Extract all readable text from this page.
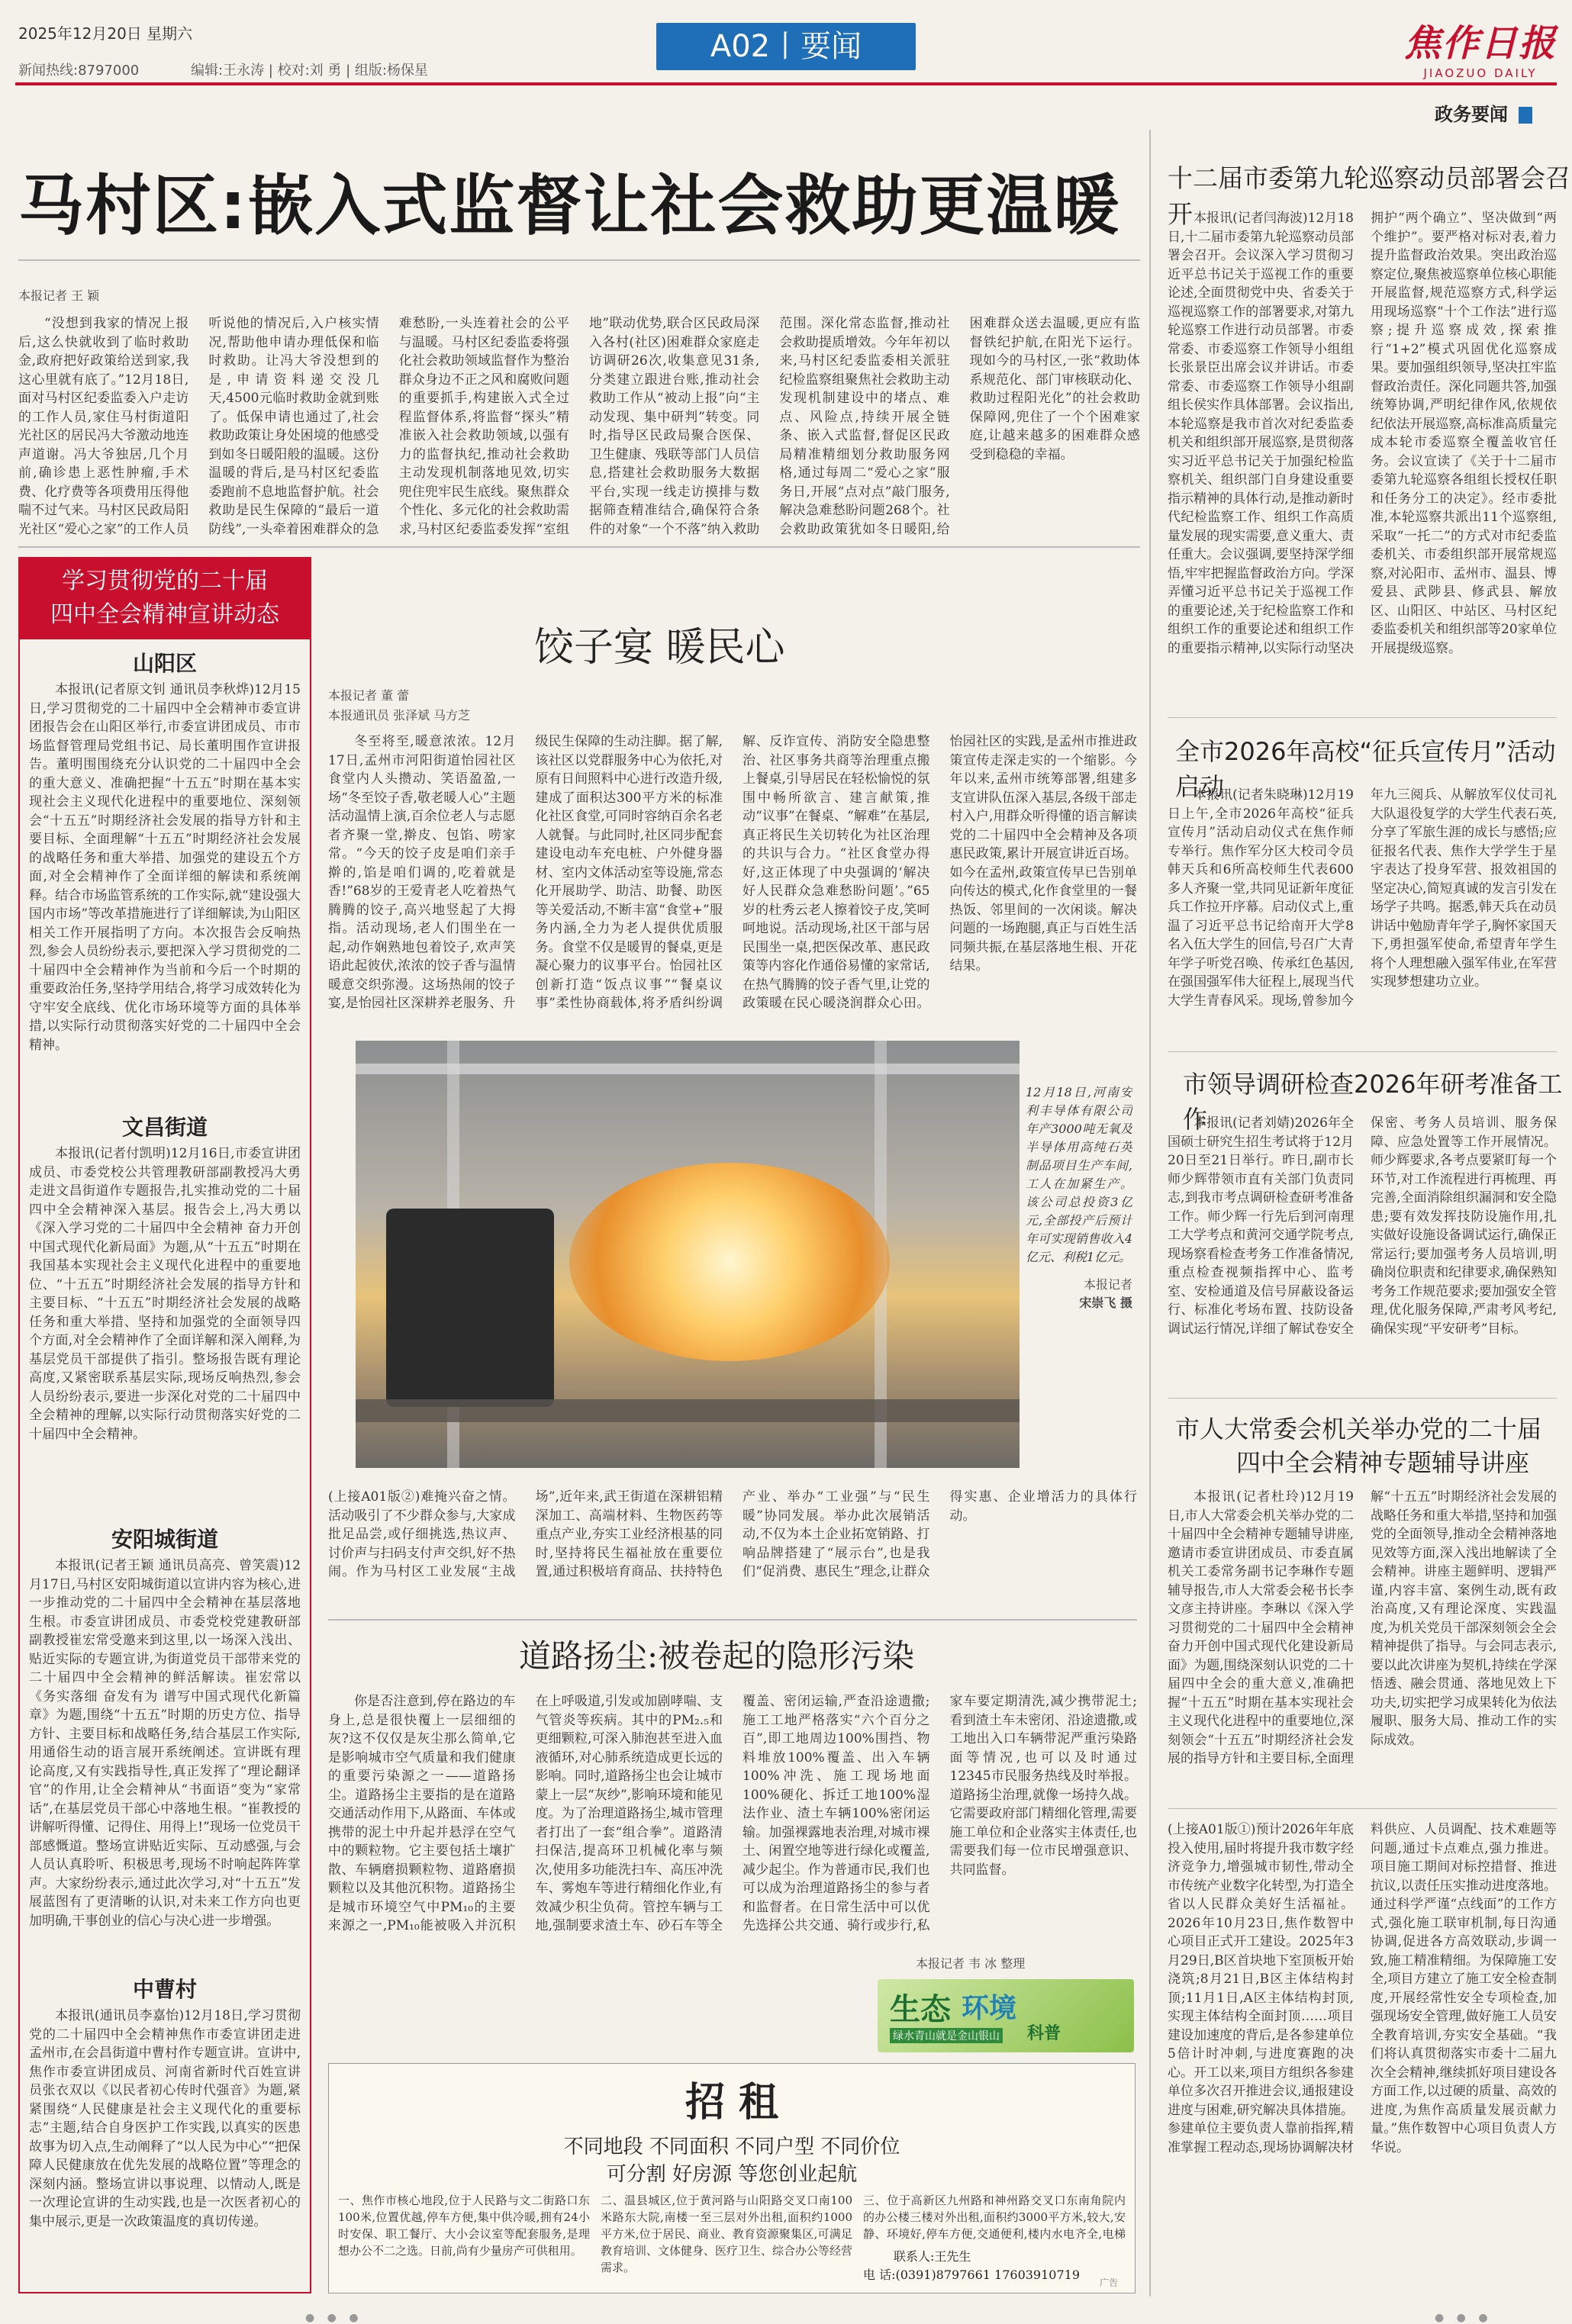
2025年12月20日 星期六
新闻热线:8797000	编辑:王永涛 | 校对:刘 勇 | 组版:杨保星
A02丨要闻	焦作日报
JIAOZUO DAILY
政务要闻
马村区:嵌入式监督让社会救助更温暖
本报记者 王 颖

“没想到我家的情况上报后,这么快就收到了临时救助金,政府把好政策给送到家,我这心里就有底了。”12月18日,面对马村区纪委监委入户走访的工作人员,家住马村街道阳光社区的居民冯大爷激动地连声道谢。冯大爷独居,几个月前,确诊患上恶性肿瘤,手术费、化疗费等各项费用压得他喘不过气来。马村区民政局阳光社区“爱心之家”的工作人员听说他的情况后,入户核实情况,帮助他申请办理低保和临时救助。让冯大爷没想到的是,申请资料递交没几天,4500元临时救助金就到账了。低保申请也通过了,社会救助政策让身处困境的他感受到如冬日暖阳般的温暖。这份温暖的背后,是马村区纪委监委跑前不息地监督护航。社会救助是民生保障的“最后一道防线”,一头牵着困难群众的急难愁盼,一头连着社会的公平与温暖。马村区纪委监委将强化社会救助领域监督作为整治群众身边不正之风和腐败问题的重要抓手,构建嵌入式全过程监督体系,将监督“探头”精准嵌入社会救助领域,以强有力的监督执纪,推动社会救助主动发现机制落地见效,切实兜住兜牢民生底线。聚焦群众个性化、多元化的社会救助需求,马村区纪委监委发挥“室组地”联动优势,联合区民政局深入各村(社区)困难群众家庭走访调研26次,收集意见31条,分类建立跟进台账,推动社会救助工作从“被动上报”向“主动发现、集中研判”转变。同时,指导区民政局聚合医保、卫生健康、残联等部门人员信息,搭建社会救助服务大数据平台,实现一线走访摸排与数据筛查精准结合,确保符合条件的对象“一个不落”纳入救助范围。深化常态监督,推动社会救助提质增效。今年年初以来,马村区纪委监委相关派驻纪检监察组聚焦社会救助主动发现机制建设中的堵点、难点、风险点,持续开展全链条、嵌入式监督,督促区民政局精准精细划分救助服务网格,通过每周二“爱心之家”服务日,开展“点对点”敲门服务,解决急难愁盼问题268个。社会救助政策犹如冬日暖阳,给困难群众送去温暖,更应有监督铁纪护航,在阳光下运行。现如今的马村区,一张“救助体系规范化、部门审核联动化、救助过程阳光化”的社会救助保障网,兜住了一个个困难家庭,让越来越多的困难群众感受到稳稳的幸福。

学习贯彻党的二十届
四中全会精神宣讲动态
山阳区

本报讯(记者原文钊 通讯员李秋烨)12月15日,学习贯彻党的二十届四中全会精神市委宣讲团报告会在山阳区举行,市委宣讲团成员、市市场监督管理局党组书记、局长董明围作宣讲报告。董明围围绕充分认识党的二十届四中全会的重大意义、准确把握“十五五”时期在基本实现社会主义现代化进程中的重要地位、深刻领会“十五五”时期经济社会发展的指导方针和主要目标、全面理解“十五五”时期经济社会发展的战略任务和重大举措、加强党的建设五个方面,对全会精神作了全面详细的解读和系统阐释。结合市场监管系统的工作实际,就“建设强大国内市场”等改革措施进行了详细解读,为山阳区相关工作开展指明了方向。本次报告会反响热烈,参会人员纷纷表示,要把深入学习贯彻党的二十届四中全会精神作为当前和今后一个时期的重要政治任务,坚持学用结合,将学习成效转化为守牢安全底线、优化市场环境等方面的具体举措,以实际行动贯彻落实好党的二十届四中全会精神。

文昌街道

本报讯(记者付凯明)12月16日,市委宣讲团成员、市委党校公共管理教研部副教授冯大勇走进文昌街道作专题报告,扎实推动党的二十届四中全会精神深入基层。报告会上,冯大勇以《深入学习党的二十届四中全会精神 奋力开创中国式现代化新局面》为题,从“十五五”时期在我国基本实现社会主义现代化进程中的重要地位、“十五五”时期经济社会发展的指导方针和主要目标、“十五五”时期经济社会发展的战略任务和重大举措、坚持和加强党的全面领导四个方面,对全会精神作了全面详解和深入阐释,为基层党员干部提供了指引。整场报告既有理论高度,又紧密联系基层实际,现场反响热烈,参会人员纷纷表示,要进一步深化对党的二十届四中全会精神的理解,以实际行动贯彻落实好党的二十届四中全会精神。

安阳城街道

本报讯(记者王颖 通讯员高亮、曾笑震)12月17日,马村区安阳城街道以宣讲内容为核心,进一步推动党的二十届四中全会精神在基层落地生根。市委宣讲团成员、市委党校党建教研部副教授崔宏常受邀来到这里,以一场深入浅出、贴近实际的专题宣讲,为街道党员干部带来党的二十届四中全会精神的鲜活解读。崔宏常以《务实落细 奋发有为 谱写中国式现代化新篇章》为题,围绕“十五五”时期的历史方位、指导方针、主要目标和战略任务,结合基层工作实际,用通俗生动的语言展开系统阐述。宣讲既有理论高度,又有实践指导性,真正发挥了“理论翻译官”的作用,让全会精神从“书面语”变为“家常话”,在基层党员干部心中落地生根。“崔教授的讲解听得懂、记得住、用得上!”现场一位党员干部感慨道。整场宣讲贴近实际、互动感强,与会人员认真聆听、积极思考,现场不时响起阵阵掌声。大家纷纷表示,通过此次学习,对“十五五”发展蓝图有了更清晰的认识,对未来工作方向也更加明确,干事创业的信心与决心进一步增强。

中曹村

本报讯(通讯员李嘉怡)12月18日,学习贯彻党的二十届四中全会精神焦作市委宣讲团走进孟州市,在会昌街道中曹村作专题宣讲。宣讲中,焦作市委宣讲团成员、河南省新时代百姓宣讲员张衣双以《以民者初心传时代强音》为题,紧紧围绕“人民健康是社会主义现代化的重要标志”主题,结合自身医护工作实践,以真实的医患故事为切入点,生动阐释了“以人民为中心”“把保障人民健康放在优先发展的战略位置”等理念的深刻内涵。整场宣讲以事说理、以情动人,既是一次理论宣讲的生动实践,也是一次医者初心的集中展示,更是一次政策温度的真切传递。

饺子宴 暖民心
本报记者 董 蕾
本报通讯员 张泽斌 马方芝

冬至将至,暖意浓浓。12月17日,孟州市河阳街道怡园社区食堂内人头攒动、笑语盈盈,一场“冬至饺子香,敬老暖人心”主题活动温情上演,百余位老人与志愿者齐聚一堂,擀皮、包馅、唠家常。“今天的饺子皮是咱们亲手擀的,馅是咱们调的,吃着就是香!”68岁的王爱青老人吃着热气腾腾的饺子,高兴地竖起了大拇指。活动现场,老人们围坐在一起,动作娴熟地包着饺子,欢声笑语此起彼伏,浓浓的饺子香与温情暖意交织弥漫。这场热闹的饺子宴,是怡园社区深耕养老服务、升级民生保障的生动注脚。据了解,该社区以党群服务中心为依托,对原有日间照料中心进行改造升级,建成了面积达300平方米的标准化社区食堂,可同时容纳百余名老人就餐。与此同时,社区同步配套建设电动车充电桩、户外健身器材、室内文体活动室等设施,常态化开展助学、助洁、助餐、助医等关爱活动,不断丰富“食堂+”服务内涵,全力为老人提供优质服务。食堂不仅是暖胃的餐桌,更是凝心聚力的议事平台。怡园社区创新打造“饭点议事”“餐桌议事”柔性协商载体,将矛盾纠纷调解、反诈宣传、消防安全隐患整治、社区事务共商等治理重点搬上餐桌,引导居民在轻松愉悦的氛围中畅所欲言、建言献策,推动“议事”在餐桌、“解难”在基层,真正将民生关切转化为社区治理的共识与合力。“社区食堂办得好,这正体现了中央强调的‘解决好人民群众急难愁盼问题’。”65岁的杜秀云老人擦着饺子皮,笑呵呵地说。活动现场,社区干部与居民围坐一桌,把医保改革、惠民政策等内容化作通俗易懂的家常话,在热气腾腾的饺子香气里,让党的政策暖在民心暖浇润群众心田。怡园社区的实践,是孟州市推进政策宣传走深走实的一个缩影。今年以来,孟州市统筹部署,组建多支宣讲队伍深入基层,各级干部走村入户,用群众听得懂的语言解读党的二十届四中全会精神及各项惠民政策,累计开展宣讲近百场。如今在孟州,政策宣传早已告别单向传达的模式,化作食堂里的一餐热饭、邻里间的一次闲谈。解决问题的一场跑腿,真正与百姓生活同频共振,在基层落地生根、开花结果。

12月18日,河南安利丰导体有限公司年产3000吨无氧及半导体用高纯石英制品项目生产车间,工人在加紧生产。该公司总投资3亿元,全部投产后预计年可实现销售收入4亿元、利税1亿元。
本报记者
宋崇飞 摄

(上接A01版②)难掩兴奋之情。活动吸引了不少群众参与,大家成批足品尝,或仔细挑选,热议声、讨价声与扫码支付声交织,好不热闹。作为马村区工业发展“主战场”,近年来,武王街道在深耕铝精深加工、高端材料、生物医药等重点产业,夯实工业经济根基的同时,坚持将民生福祉放在重要位置,通过积极培育商品、扶持特色产业、举办“工业强”与“民生暖”协同发展。举办此次展销活动,不仅为本土企业拓宽销路、打响品牌搭建了“展示台”,也是我们“促消费、惠民生”理念,让群众得实惠、企业增活力的具体行动。

道路扬尘:被卷起的隐形污染

你是否注意到,停在路边的车身上,总是很快覆上一层细细的灰?这不仅仅是灰尘那么简单,它是影响城市空气质量和我们健康的重要污染源之一——道路扬尘。道路扬尘主要指的是在道路交通活动作用下,从路面、车体或携带的泥土中升起并悬浮在空气中的颗粒物。它主要包括土壤扩散、车辆磨损颗粒物、道路磨损颗粒以及其他沉积物。道路扬尘是城市环境空气中PM₁₀的主要来源之一,PM₁₀能被吸入并沉积在上呼吸道,引发或加剧哮喘、支气管炎等疾病。其中的PM₂.₅和更细颗粒,可深入肺泡甚至进入血液循环,对心肺系统造成更长远的影响。同时,道路扬尘也会让城市蒙上一层“灰纱”,影响环境和能见度。为了治理道路扬尘,城市管理者打出了一套“组合拳”。道路清扫保洁,提高环卫机械化率与频次,使用多功能洗扫车、高压冲洗车、雾炮车等进行精细化作业,有效减少积尘负荷。管控车辆与工地,强制要求渣土车、砂石车等全覆盖、密闭运输,严查沿途遗撒;施工工地严格落实“六个百分之百”,即工地周边100%围挡、物料堆放100%覆盖、出入车辆100%冲洗、施工现场地面100%硬化、拆迁工地100%湿法作业、渣土车辆100%密闭运输。加强裸露地表治理,对城市裸土、闲置空地等进行绿化或覆盖,减少起尘。作为普通市民,我们也可以成为治理道路扬尘的参与者和监督者。在日常生活中可以优先选择公共交通、骑行或步行,私家车要定期清洗,减少携带泥土;看到渣土车未密闭、沿途遗撒,或工地出入口车辆带泥严重污染路面等情况,也可以及时通过12345市民服务热线及时举报。道路扬尘治理,就像一场持久战。它需要政府部门精细化管理,需要施工单位和企业落实主体责任,也需要我们每一位市民增强意识、共同监督。

本报记者 韦 冰 整理
生态 环境
科普
绿水青山就是金山银山
招 租
不同地段 不同面积 不同户型 不同价位
可分割 好房源 等您创业起航
一、焦作市核心地段,位于人民路与文二街路口东100米,位置优越,停车方便,集中供冷暖,拥有24小时安保、职工餐厅、大小会议室等配套服务,是理想办公不二之选。日前,尚有少量房产可供租用。
二、温县城区,位于黄河路与山阳路交叉口南100米路东大院,南楼一至三层对外出租,面积约1000平方米,位于居民、商业、教育资源聚集区,可满足教育培训、文体健身、医疗卫生、综合办公等经营需求。
三、位于高新区九州路和神州路交叉口东南角院内的办公楼三楼对外出租,面积约3000平方米,较大,安静、环境好,停车方便,交通便利,楼内水电齐全,电梯
联系人:王先生
电 话:(0391)8797661 17603910719
广告
十二届市委第九轮巡察动员部署会召开 本报讯(记者闫海波)12月18日,十二届市委第九轮巡察动员部署会召开。会议深入学习贯彻习近平总书记关于巡视工作的重要论述,全面贯彻党中央、省委关于巡视巡察工作的部署要求,对第九轮巡察工作进行动员部署。市委常委、市委巡察工作领导小组组长张景臣出席会议并讲话。市委常委、市委巡察工作领导小组副组长侯实作具体部署。会议指出,本轮巡察是我市首次对纪委监委机关和组织部开展巡察,是贯彻落实习近平总书记关于加强纪检监察机关、组织部门自身建设重要指示精神的具体行动,是推动新时代纪检监察工作、组织工作高质量发展的现实需要,意义重大、责任重大。会议强调,要坚持深学细悟,牢牢把握监督政治方向。学深弄懂习近平总书记关于巡视工作的重要论述,关于纪检监察工作和组织工作的重要论述和组织工作的重要指示精神,以实际行动坚决拥护“两个确立”、坚决做到“两个维护”。要严格对标对表,着力提升监督政治效果。突出政治巡察定位,聚焦被巡察单位核心职能开展监督,规范巡察方式,科学运用现场巡察“十个工作法”进行巡察;提升巡察成效,探索推行“1+2”模式巩固优化巡察成果。要加强组织领导,坚决扛牢监督政治责任。深化同题共答,加强统筹协调,严明纪律作风,依规依纪依法开展巡察,高标准高质量完成本轮市委巡察全覆盖收官任务。会议宣读了《关于十二届市委第九轮巡察各组组长授权任职和任务分工的决定》。经市委批准,本轮巡察共派出11个巡察组,采取“一托二”的方式对市纪委监委机关、市委组织部开展常规巡察,对沁阳市、孟州市、温县、博爱县、武陟县、修武县、解放区、山阳区、中站区、马村区纪委监委机关和组织部等20家单位开展提级巡察。

全市2026年高校“征兵宣传月”活动启动

本报讯(记者朱晓琳)12月19日上午,全市2026年高校“征兵宣传月”活动启动仪式在焦作师专举行。焦作军分区大校司令员韩天兵和6所高校师生代表600多人齐聚一堂,共同见证新年度征兵工作拉开序幕。启动仪式上,重温了习近平总书记给南开大学8名入伍大学生的回信,号召广大青年学子听党召唤、传承红色基因,在强国强军伟大征程上,展现当代大学生青春风采。现场,曾参加今年九三阅兵、从解放军仪仗司礼大队退役复学的大学生代表石英,分享了军旅生涯的成长与感悟;应征报名代表、焦作大学学生于星宇表达了投身军营、报效祖国的坚定决心,简短真诚的发言引发在场学子共鸣。据悉,韩天兵在动员讲话中勉励青年学子,胸怀家国天下,勇担强军使命,希望青年学生将个人理想融入强军伟业,在军营实现梦想建功立业。

市领导调研检查2026年研考准备工作

本报讯(记者刘婧)2026年全国硕士研究生招生考试将于12月20日至21日举行。昨日,副市长师少辉带领市直有关部门负责同志,到我市考点调研检查研考准备工作。师少辉一行先后到河南理工大学考点和黄河交通学院考点,现场察看检查考务工作准备情况,重点检查视频指挥中心、监考室、安检通道及信号屏蔽设备运行、标准化考场布置、技防设备调试运行情况,详细了解试卷安全保密、考务人员培训、服务保障、应急处置等工作开展情况。师少辉要求,各考点要紧盯每一个环节,对工作流程进行再梳理、再完善,全面消除组织漏洞和安全隐患;要有效发挥技防设施作用,扎实做好设施设备调试运行,确保正常运行;要加强考务人员培训,明确岗位职责和纪律要求,确保熟知考务工作规范要求;要加强安全管理,优化服务保障,严肃考风考纪,确保实现“平安研考”目标。

市人大常委会机关举办党的二十届
四中全会精神专题辅导讲座

本报讯(记者杜玲)12月19日,市人大常委会机关举办党的二十届四中全会精神专题辅导讲座,邀请市委宣讲团成员、市委直属机关工委常务副书记李琳作专题辅导报告,市人大常委会秘书长李文彦主持讲座。李琳以《深入学习贯彻党的二十届四中全会精神 奋力开创中国式现代化建设新局面》为题,围绕深刻认识党的二十届四中全会的重大意义,准确把握“十五五”时期在基本实现社会主义现代化进程中的重要地位,深刻领会“十五五”时期经济社会发展的指导方针和主要目标,全面理解“十五五”时期经济社会发展的战略任务和重大举措,坚持和加强党的全面领导,推动全会精神落地见效等方面,深入浅出地解读了全会精神。讲座主题鲜明、逻辑严谨,内容丰富、案例生动,既有政治高度,又有理论深度、实践温度,为机关党员干部深刻领会全会精神提供了指导。与会同志表示,要以此次讲座为契机,持续在学深悟透、融会贯通、落地见效上下功夫,切实把学习成果转化为依法履职、服务大局、推动工作的实际成效。

(上接A01版①)预计2026年年底投入使用,届时将提升我市数字经济竞争力,增强城市韧性,带动全市传统产业数字化转型,为打造全省以人民群众美好生活福祉。2026年10月23日,焦作数智中心项目正式开工建设。2025年3月29日,B区首块地下室顶板开始浇筑;8月21日,B区主体结构封顶;11月1日,A区主体结构封顶,实现主体结构全面封顶……项目建设加速度的背后,是各参建单位5倍计时冲刺,与进度赛跑的决心。开工以来,项目方组织各参建单位多次召开推进会议,通报建设进度与困难,研究解决具体措施。参建单位主要负责人靠前指挥,精准掌握工程动态,现场协调解决材料供应、人员调配、技术难题等问题,通过卡点难点,强力推进。项目施工期间对标控措督、推进抗议,以责任压实推动进度落地。通过科学严谨“点线面”的工作方式,强化施工联审机制,每日沟通协调,促进各方高效联动,步调一致,施工精准精细。为保障施工安全,项目方建立了施工安全检查制度,开展经常性安全专项检查,加强现场安全管理,做好施工人员安全教育培训,夯实安全基础。“我们将认真贯彻落实市委十二届九次全会精神,继续抓好项目建设各方面工作,以过硬的质量、高效的进度,为焦作高质量发展贡献力量。”焦作数智中心项目负责人方华说。

● ● ●	● ● ●
